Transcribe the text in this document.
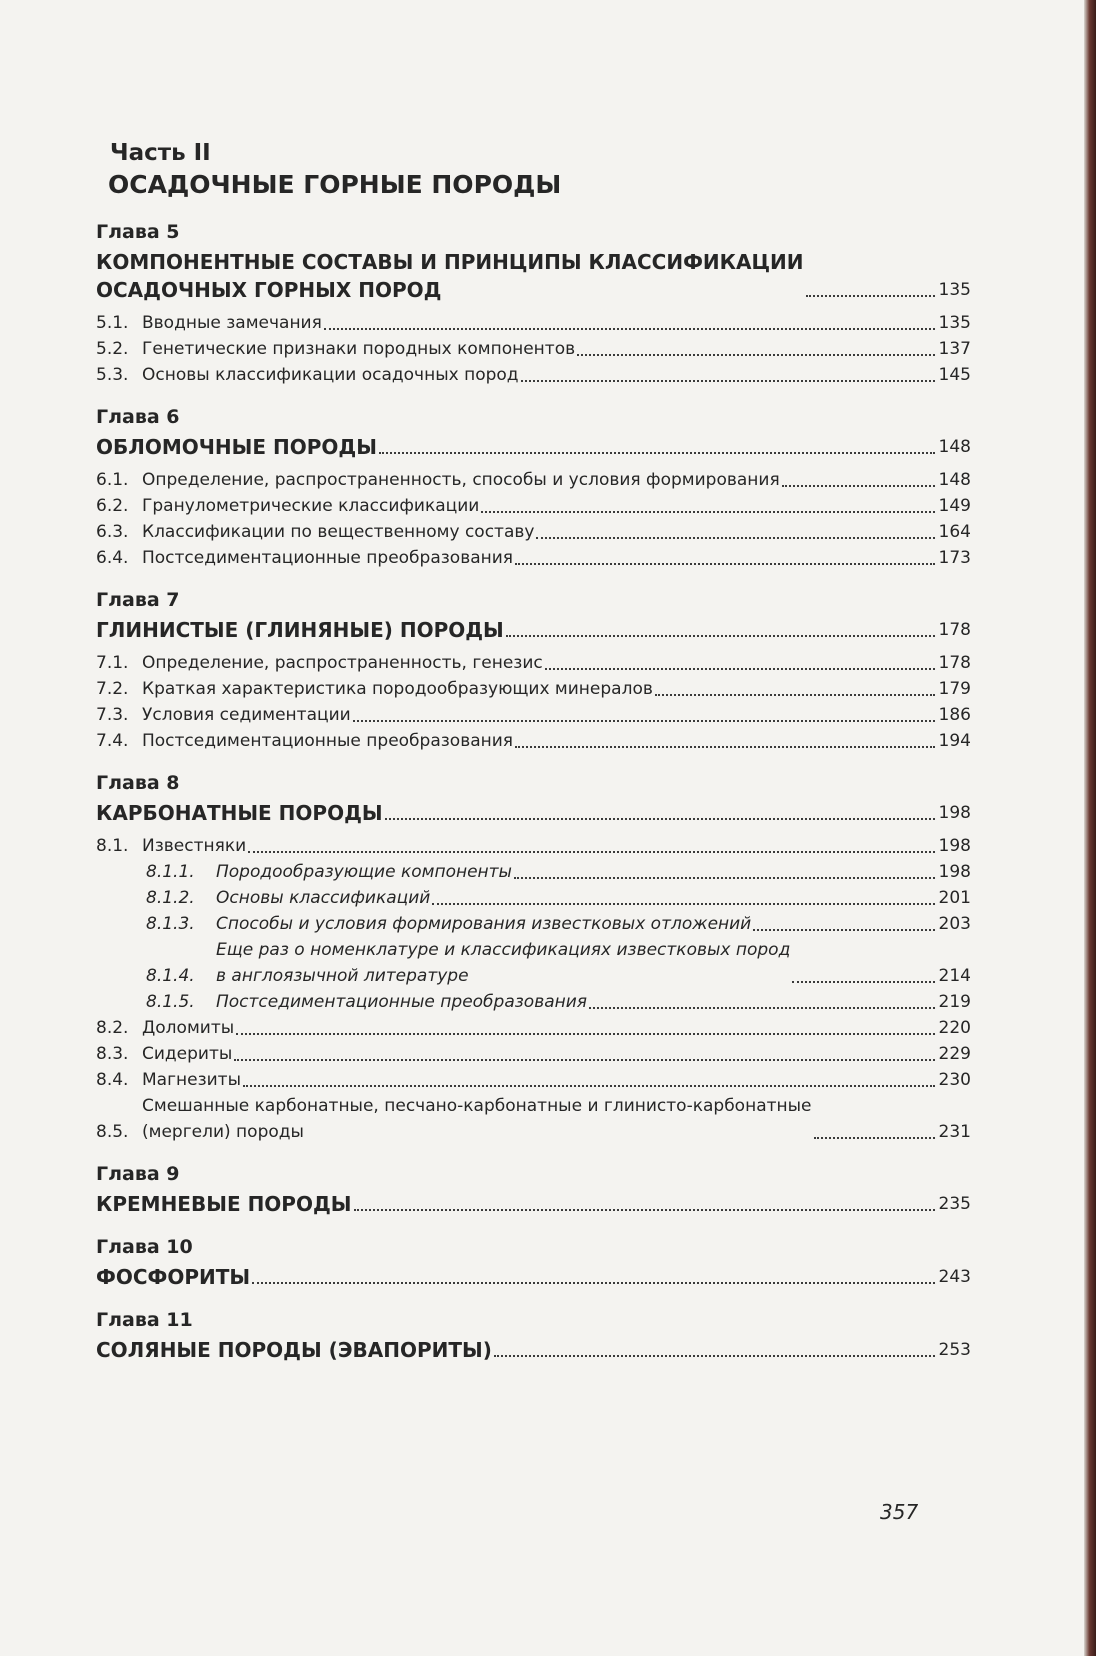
Часть II
ОСАДОЧНЫЕ ГОРНЫЕ ПОРОДЫ
Глава 5
КОМПОНЕНТНЫЕ СОСТАВЫ И ПРИНЦИПЫ КЛАССИФИКАЦИИ
ОСАДОЧНЫХ ГОРНЫХ ПОРОД	135
5.1. Вводные замечания	135
5.2. Генетические признаки породных компонентов	137
5.3. Основы классификации осадочных пород	145
Глава 6
ОБЛОМОЧНЫЕ ПОРОДЫ	148
6.1. Определение, распространенность, способы и условия формирования	148
6.2. Гранулометрические классификации	149
6.3. Классификации по вещественному составу	164
6.4. Постседиментационные преобразования	173
Глава 7
ГЛИНИСТЫЕ (ГЛИНЯНЫЕ) ПОРОДЫ	178
7.1. Определение, распространенность, генезис	178
7.2. Краткая характеристика породообразующих минералов	179
7.3. Условия седиментации	186
7.4. Постседиментационные преобразования	194
Глава 8
КАРБОНАТНЫЕ ПОРОДЫ	198
8.1. Известняки	198
8.1.1.	Породообразующие компоненты	198
8.1.2.	Основы классификаций	201
8.1.3.	Способы и условия формирования известковых отложений	203
8.1.4.
Еще раз о номенклатуре и классификациях известковых пород
в англоязычной литературе	214
8.1.5.	Постседиментационные преобразования	219
8.2. Доломиты	220
8.3. Сидериты	229
8.4. Магнезиты	230
8.5.
Смешанные карбонатные, песчано-карбонатные и глинисто-карбонатные
(мергели) породы	231
Глава 9
КРЕМНЕВЫЕ ПОРОДЫ	235
Глава 10
ФОСФОРИТЫ	243
Глава 11
СОЛЯНЫЕ ПОРОДЫ (ЭВАПОРИТЫ)	253
357
